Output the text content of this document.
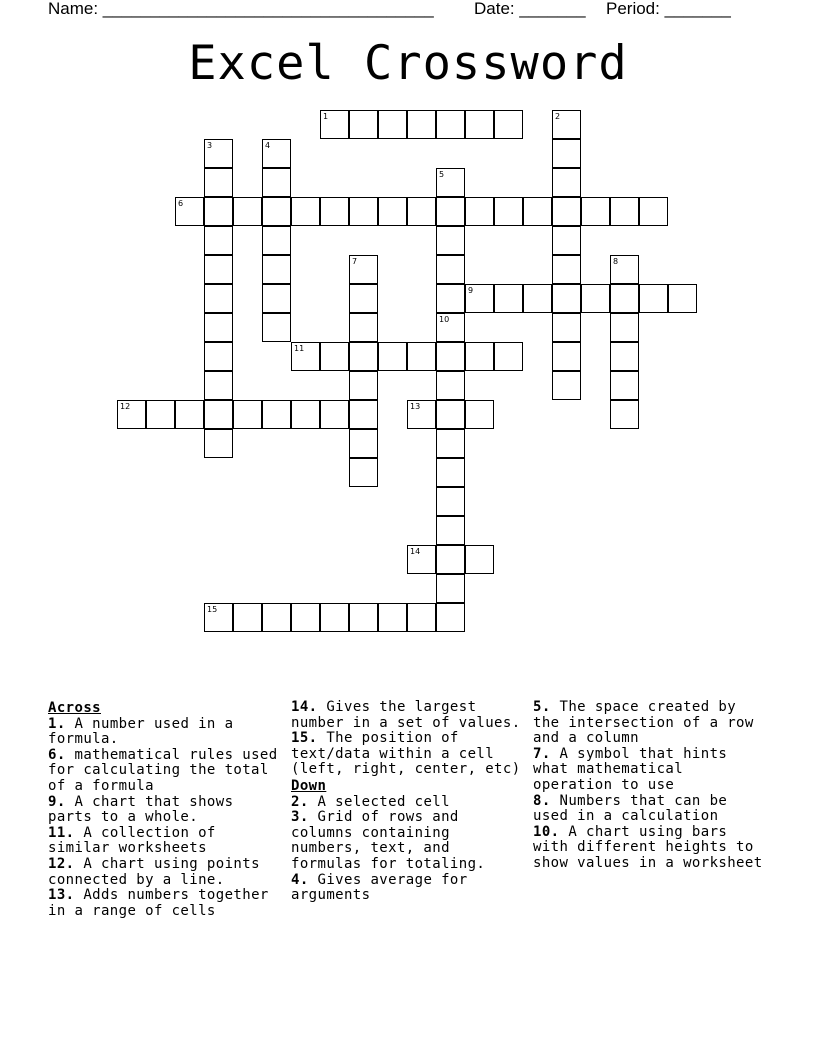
Name: ___________________________________ Date: _______ Period: _______
Excel Crossword
1	2
3	4
5
6
7	8
9
10
11
12	13
14
15
Across
1. A number used in a formula.
6. mathematical rules used for calculating the total of a formula
9. A chart that shows parts to a whole.
11. A collection of similar worksheets
12. A chart using points connected by a line.
13. Adds numbers together in a range of cells
14. Gives the largest number in a set of values.
15. The position of text/data within a cell (left, right, center, etc)
Down
2. A selected cell
3. Grid of rows and columns containing numbers, text, and formulas for totaling.
4. Gives average for arguments
5. The space created by the intersection of a row and a column
7. A symbol that hints what mathematical operation to use
8. Numbers that can be used in a calculation
10. A chart using bars with different heights to show values in a worksheet
